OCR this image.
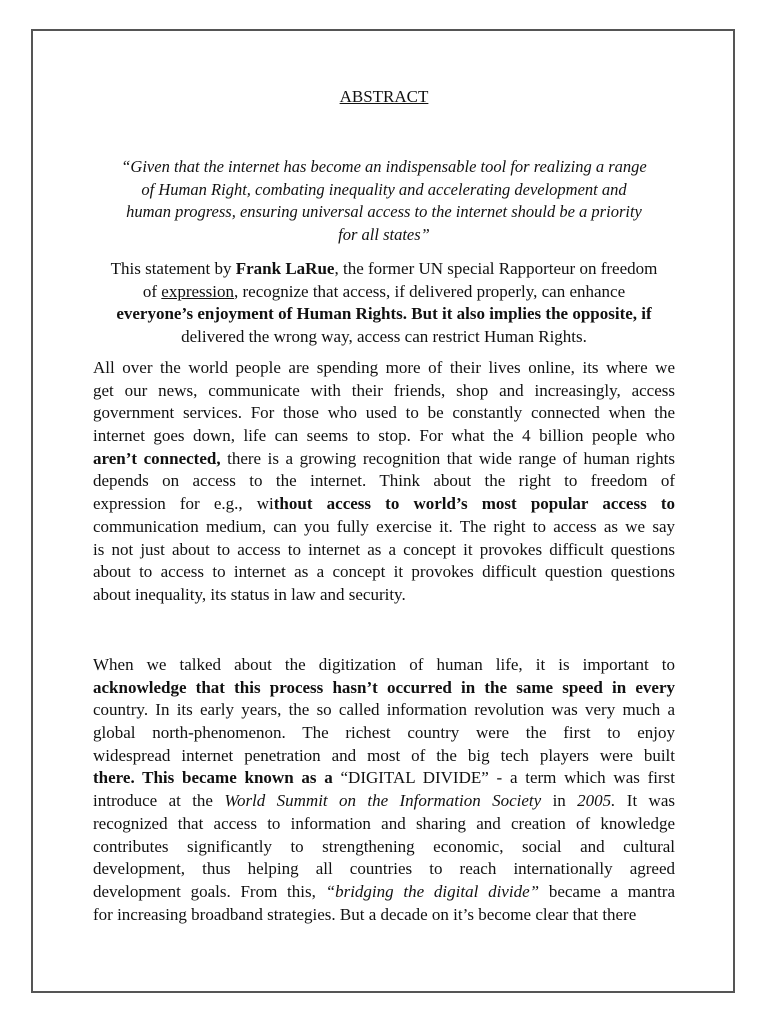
ABSTRACT
“Given that the internet has become an indispensable tool for realizing a range
of Human Right, combating inequality and accelerating development and
human progress, ensuring universal access to the internet should be a priority
for all states”
This statement by Frank LaRue, the former UN special Rapporteur on freedom
of expression, recognize that access, if delivered properly, can enhance
everyone’s enjoyment of Human Rights. But it also implies the opposite, if
delivered the wrong way, access can restrict Human Rights.
All over the world people are spending more of their lives online, its where we
get our news, communicate with their friends, shop and increasingly, access
government services. For those who used to be constantly connected when the
internet goes down, life can seems to stop. For what the 4 billion people who
aren’t connected, there is a growing recognition that wide range of human rights
depends on access to the internet. Think about the right to freedom of
expression for e.g., without access to world’s most popular access to
communication medium, can you fully exercise it. The right to access as we say
is not just about to access to internet as a concept it provokes difficult questions
about to access to internet as a concept it provokes difficult question questions
about inequality, its status in law and security.
When we talked about the digitization of human life, it is important to
acknowledge that this process hasn’t occurred in the same speed in every
country. In its early years, the so called information revolution was very much a
global north-phenomenon. The richest country were the first to enjoy
widespread internet penetration and most of the big tech players were built
there. This became known as a “DIGITAL DIVIDE” - a term which was first
introduce at the World Summit on the Information Society in 2005. It was
recognized that access to information and sharing and creation of knowledge
contributes significantly to strengthening economic, social and cultural
development, thus helping all countries to reach internationally agreed
development goals. From this, “bridging the digital divide” became a mantra
for increasing broadband strategies. But a decade on it’s become clear that there
